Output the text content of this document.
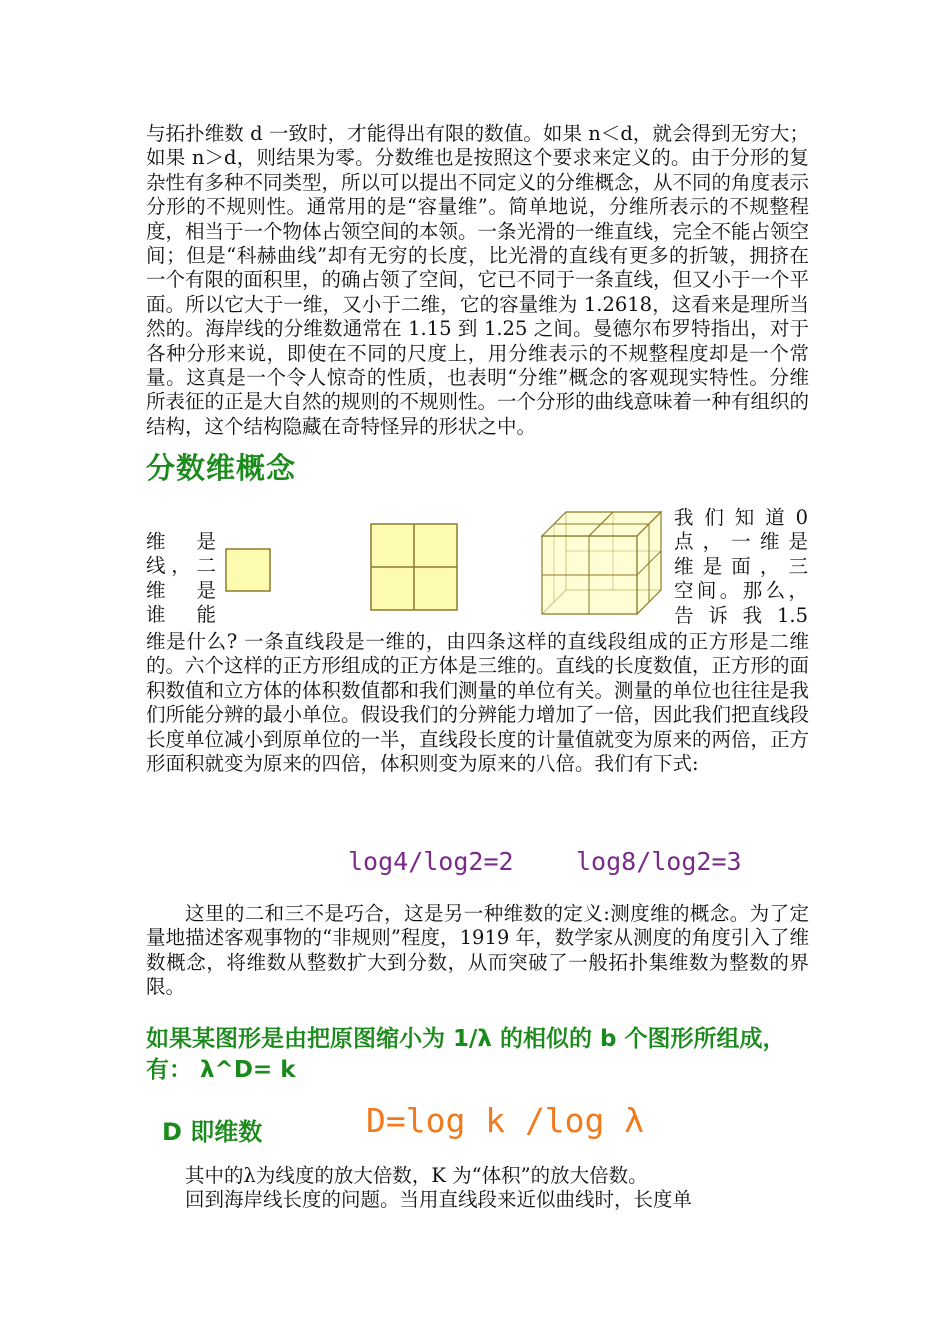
与拓扑维数 d 一致时，才能得出有限的数值。如果 n＜d，就会得到无穷大；如果 n＞d，则结果为零。分数维也是按照这个要求来定义的。由于分形的复杂性有多种不同类型，所以可以提出不同定义的分维概念，从不同的角度表示分形的不规则性。通常用的是“容量维”。简单地说，分维所表示的不规整程度，相当于一个物体占领空间的本领。一条光滑的一维直线，完全不能占领空间；但是“科赫曲线”却有无穷的长度，比光滑的直线有更多的折皱，拥挤在一个有限的面积里，的确占领了空间，它已不同于一条直线，但又小于一个平面。所以它大于一维，又小于二维，它的容量维为 1.2618，这看来是理所当然的。海岸线的分维数通常在 1.15 到 1.25 之间。曼德尔布罗特指出，对于各种分形来说，即使在不同的尺度上，用分维表示的不规整程度却是一个常量。这真是一个令人惊奇的性质，也表明“分维”概念的客观现实特性。分维所表征的正是大自然的规则的不规则性。一个分形的曲线意味着一种有组织的结构，这个结构隐藏在奇特怪异的形状之中。

分数维概念
维　是
线，二
维　是
谁　能
我 们 知 道 0
点，一维是
维是面，三
空间。那么，
告 诉 我 1.5

维是什么? 一条直线段是一维的，由四条这样的直线段组成的正方形是二维的。六个这样的正方形组成的正方体是三维的。直线的长度数值，正方形的面积数值和立方体的体积数值都和我们测量的单位有关。测量的单位也往往是我们所能分辨的最小单位。假设我们的分辨能力增加了一倍，因此我们把直线段长度单位减小到原单位的一半，直线段长度的计量值就变为原来的两倍，正方形面积就变为原来的四倍，体积则变为原来的八倍。我们有下式:

log4/log2=2 log8/log2=3

这里的二和三不是巧合，这是另一种维数的定义:测度维的概念。为了定量地描述客观事物的“非规则”程度，1919 年，数学家从测度的角度引入了维数概念，将维数从整数扩大到分数，从而突破了一般拓扑集维数为整数的界限。

如果某图形是由把原图缩小为 1/λ 的相似的 b 个图形所组成，有： λ^D= k
D 即维数	D=log k /log λ
其中的λ为线度的放大倍数，K 为“体积”的放大倍数。
回到海岸线长度的问题。当用直线段来近似曲线时，长度单
